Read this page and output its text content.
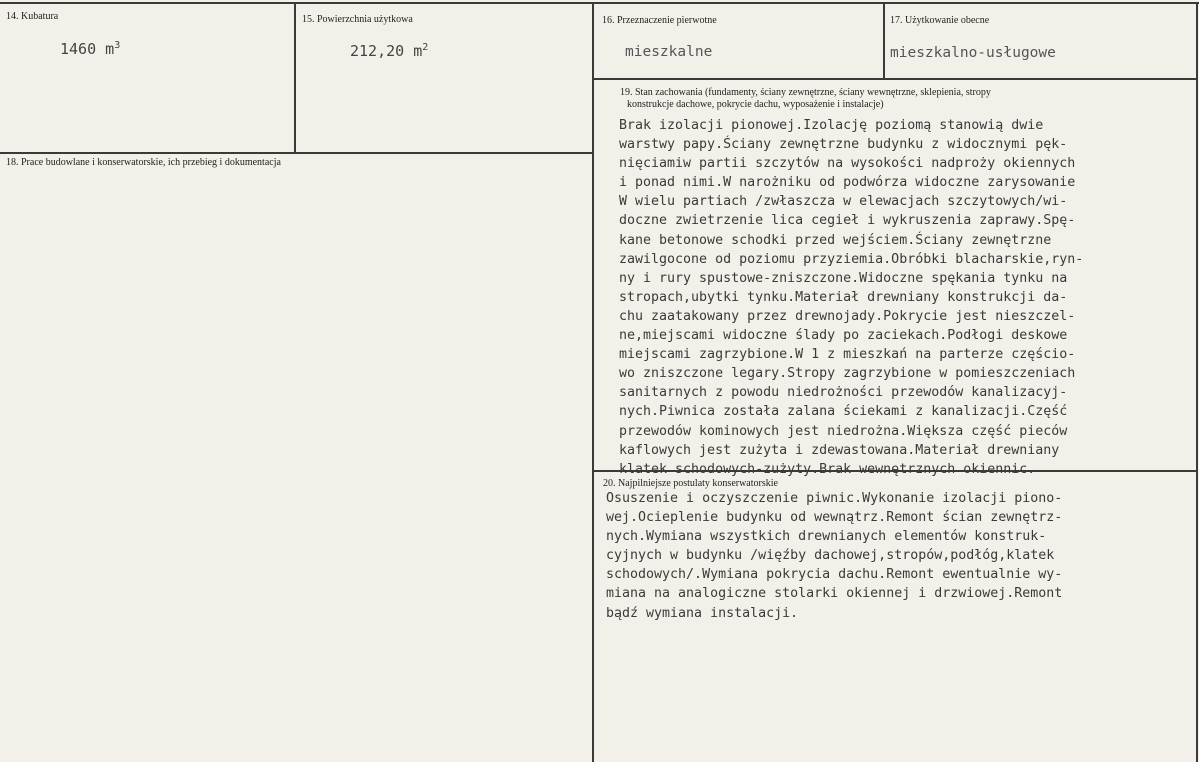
14. Kubatura
1460 $m^3$
15. Powierzchnia użytkowa
212,20 $m^2$
16. Przeznaczenie pierwotne
mieszkalne
17. Użytkowanie obecne
mieszkalno-usługowe
18. Prace budowlane i konserwatorskie, ich przebieg i dokumentacja
19. Stan zachowania (fundamenty, ściany zewnętrzne, ściany wewnętrzne, sklepienia, stropy
konstrukcje dachowe, pokrycie dachu, wyposażenie i instalacje)
Brak izolacji pionowej.Izolację poziomą stanowią dwie
warstwy papy.Ściany zewnętrzne budynku z widocznymi pęk-
nięciamiw partii szczytów na wysokości nadproży okiennych
i ponad nimi.W narożniku od podwórza widoczne zarysowanie
W wielu partiach /zwłaszcza w elewacjach szczytowych/wi-
doczne zwietrzenie lica cegieł i wykruszenia zaprawy.Spę-
kane betonowe schodki przed wejściem.Ściany zewnętrzne
zawilgocone od poziomu przyziemia.Obróbki blacharskie,ryn-
ny i rury spustowe-zniszczone.Widoczne spękania tynku na
stropach,ubytki tynku.Materiał drewniany konstrukcji da-
chu zaatakowany przez drewnojady.Pokrycie jest nieszczel-
ne,miejscami widoczne ślady po zaciekach.Podłogi deskowe
miejscami zagrzybione.W 1 z mieszkań na parterze częścio-
wo zniszczone legary.Stropy zagrzybione w pomieszczeniach
sanitarnych z powodu niedrożności przewodów kanalizacyj-
nych.Piwnica została zalana ściekami z kanalizacji.Część
przewodów kominowych jest niedrożna.Większa część pieców
kaflowych jest zużyta i zdewastowana.Materiał drewniany
klatek schodowych-zużyty.Brak wewnętrznych okiennic.
20. Najpilniejsze postulaty konserwatorskie
Osuszenie i oczyszczenie piwnic.Wykonanie izolacji piono-
wej.Ocieplenie budynku od wewnątrz.Remont ścian zewnętrz-
nych.Wymiana wszystkich drewnianych elementów konstruk-
cyjnych w budynku /więźby dachowej,stropów,podłóg,klatek
schodowych/.Wymiana pokrycia dachu.Remont ewentualnie wy-
miana na analogiczne stolarki okiennej i drzwiowej.Remont
bądź wymiana instalacji.
